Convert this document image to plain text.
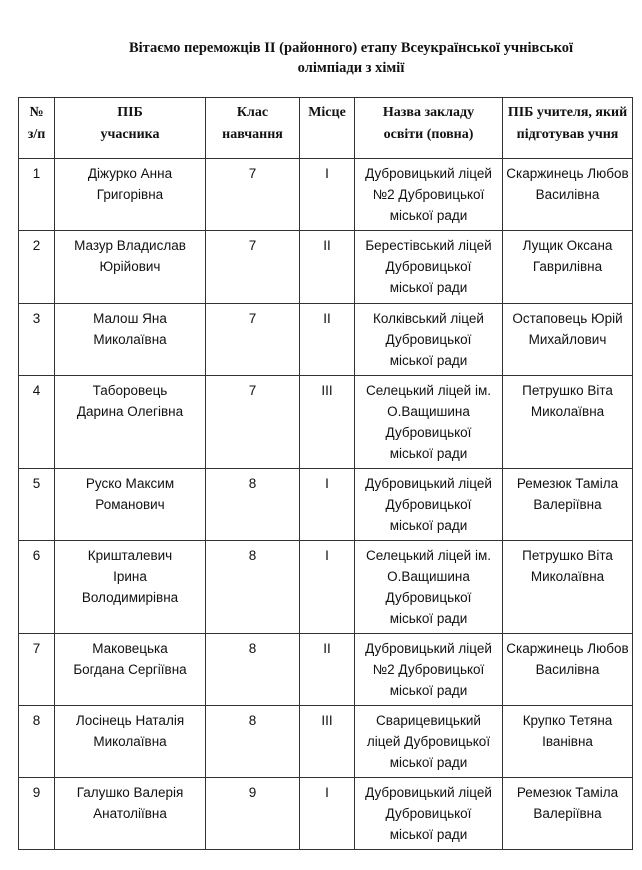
Вітаємо переможців ІІ (районного) етапу Всеукраїнської учнівської
олімпіади з хімії
№
з/п	ПІБ
учасника	Клас
навчання	Місце	Назва закладу
освіти (повна)	ПІБ учителя, який
підготував учня

1	Діжурко Анна
Григорівна	7	I	Дубровицький ліцей
№2 Дубровицької
міської ради	Скаржинець Любов
Василівна

2	Мазур Владислав
Юрійович	7	II	Берестівський ліцей
Дубровицької
міської ради	Лущик Оксана
Гаврилівна

3	Малош Яна
Миколаївна	7	II	Колківський ліцей
Дубровицької
міської ради	Остаповець Юрій
Михайлович

4	Таборовець
Дарина Олегівна	7	III	Селецький ліцей ім.
О.Ващишина
Дубровицької
міської ради	Петрушко Віта
Миколаївна

5	Руско Максим
Романович	8	I	Дубровицький ліцей
Дубровицької
міської ради	Ремезюк Таміла
Валеріївна

6	Кришталевич
Ірина
Володимирівна	8	I	Селецький ліцей ім.
О.Ващишина
Дубровицької
міської ради	Петрушко Віта
Миколаївна

7	Маковецька
Богдана Сергіївна	8	II	Дубровицький ліцей
№2 Дубровицької
міської ради	Скаржинець Любов
Василівна

8	Лосінець Наталія
Миколаївна	8	III	Сварицевицький
ліцей Дубровицької
міської ради	Крупко Тетяна
Іванівна

9	Галушко Валерія
Анатоліївна	9	I	Дубровицький ліцей
Дубровицької
міської ради	Ремезюк Таміла
Валеріївна
